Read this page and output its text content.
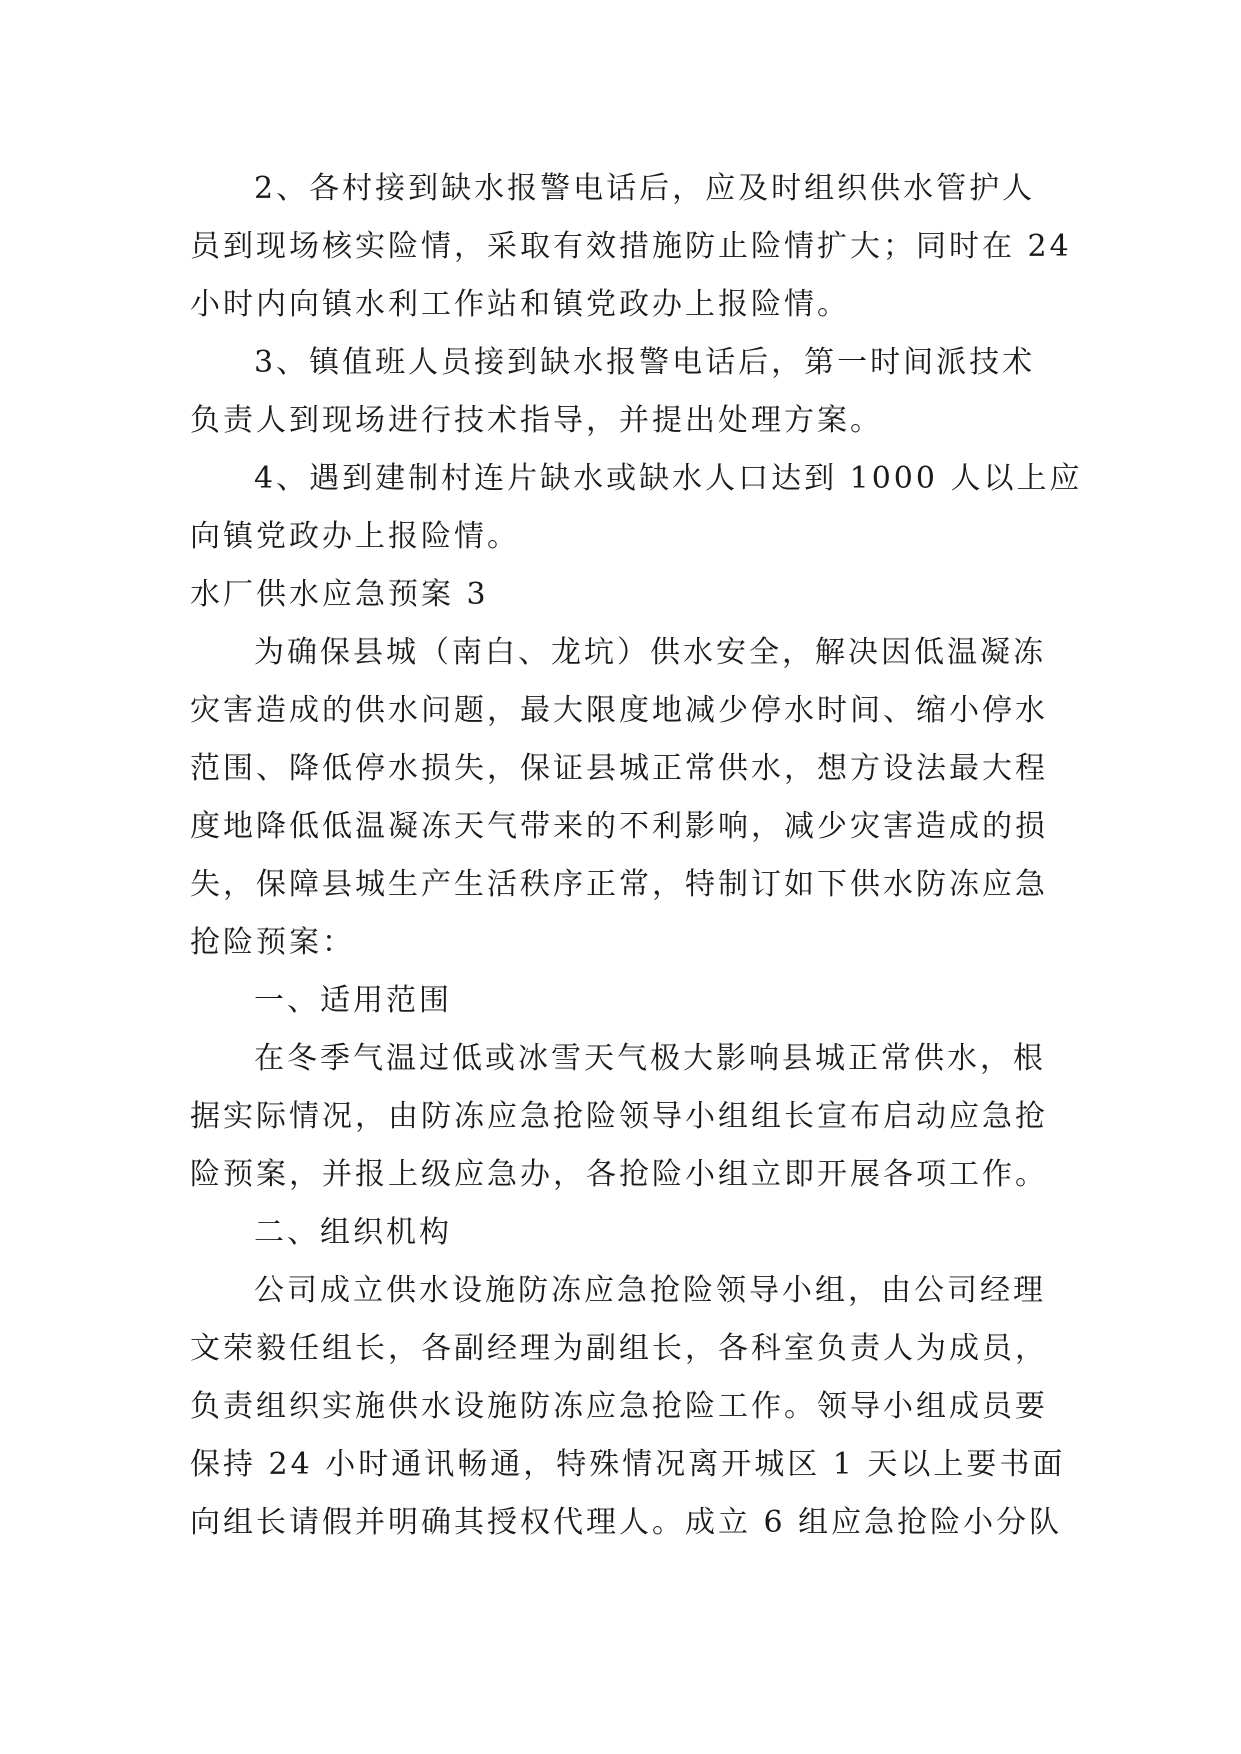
2、各村接到缺水报警电话后，应及时组织供水管护人
员到现场核实险情，采取有效措施防止险情扩大；同时在 24
小时内向镇水利工作站和镇党政办上报险情。
3、镇值班人员接到缺水报警电话后，第一时间派技术
负责人到现场进行技术指导，并提出处理方案。
4、遇到建制村连片缺水或缺水人口达到 1000 人以上应
向镇党政办上报险情。
水厂供水应急预案 3
为确保县城（南白、龙坑）供水安全，解决因低温凝冻
灾害造成的供水问题，最大限度地减少停水时间、缩小停水
范围、降低停水损失，保证县城正常供水，想方设法最大程
度地降低低温凝冻天气带来的不利影响，减少灾害造成的损
失，保障县城生产生活秩序正常，特制订如下供水防冻应急
抢险预案：
一、适用范围
在冬季气温过低或冰雪天气极大影响县城正常供水，根
据实际情况，由防冻应急抢险领导小组组长宣布启动应急抢
险预案，并报上级应急办，各抢险小组立即开展各项工作。
二、组织机构
公司成立供水设施防冻应急抢险领导小组，由公司经理
文荣毅任组长，各副经理为副组长，各科室负责人为成员，
负责组织实施供水设施防冻应急抢险工作。领导小组成员要
保持 24 小时通讯畅通，特殊情况离开城区 1 天以上要书面
向组长请假并明确其授权代理人。成立 6 组应急抢险小分队
